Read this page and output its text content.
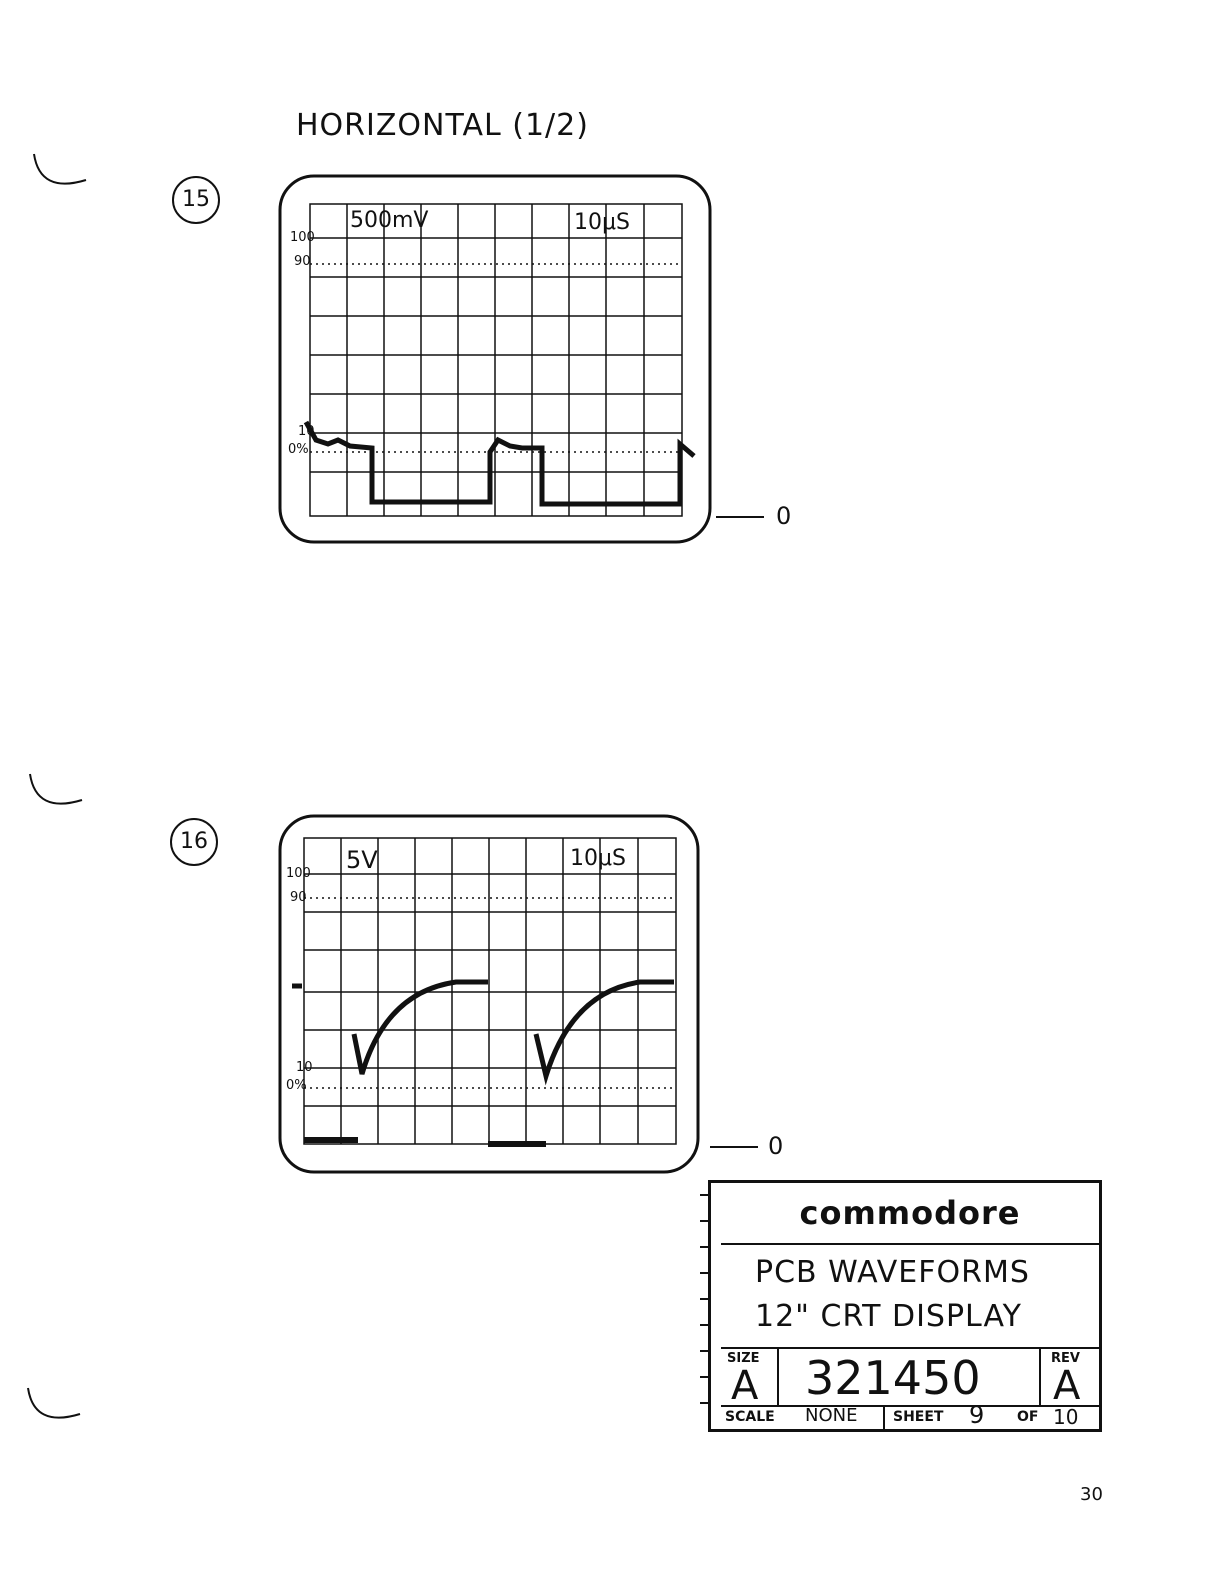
HORIZONTAL (1/2)
15
500mV	10μS
100
90
10
0%
0
16
5V	10μS
100
90
10
0%
0
commodore
PCB WAVEFORMS
12" CRT DISPLAY
SIZE
A 321450	REV
A
SCALE NONE	SHEET 9 OF 10
30
